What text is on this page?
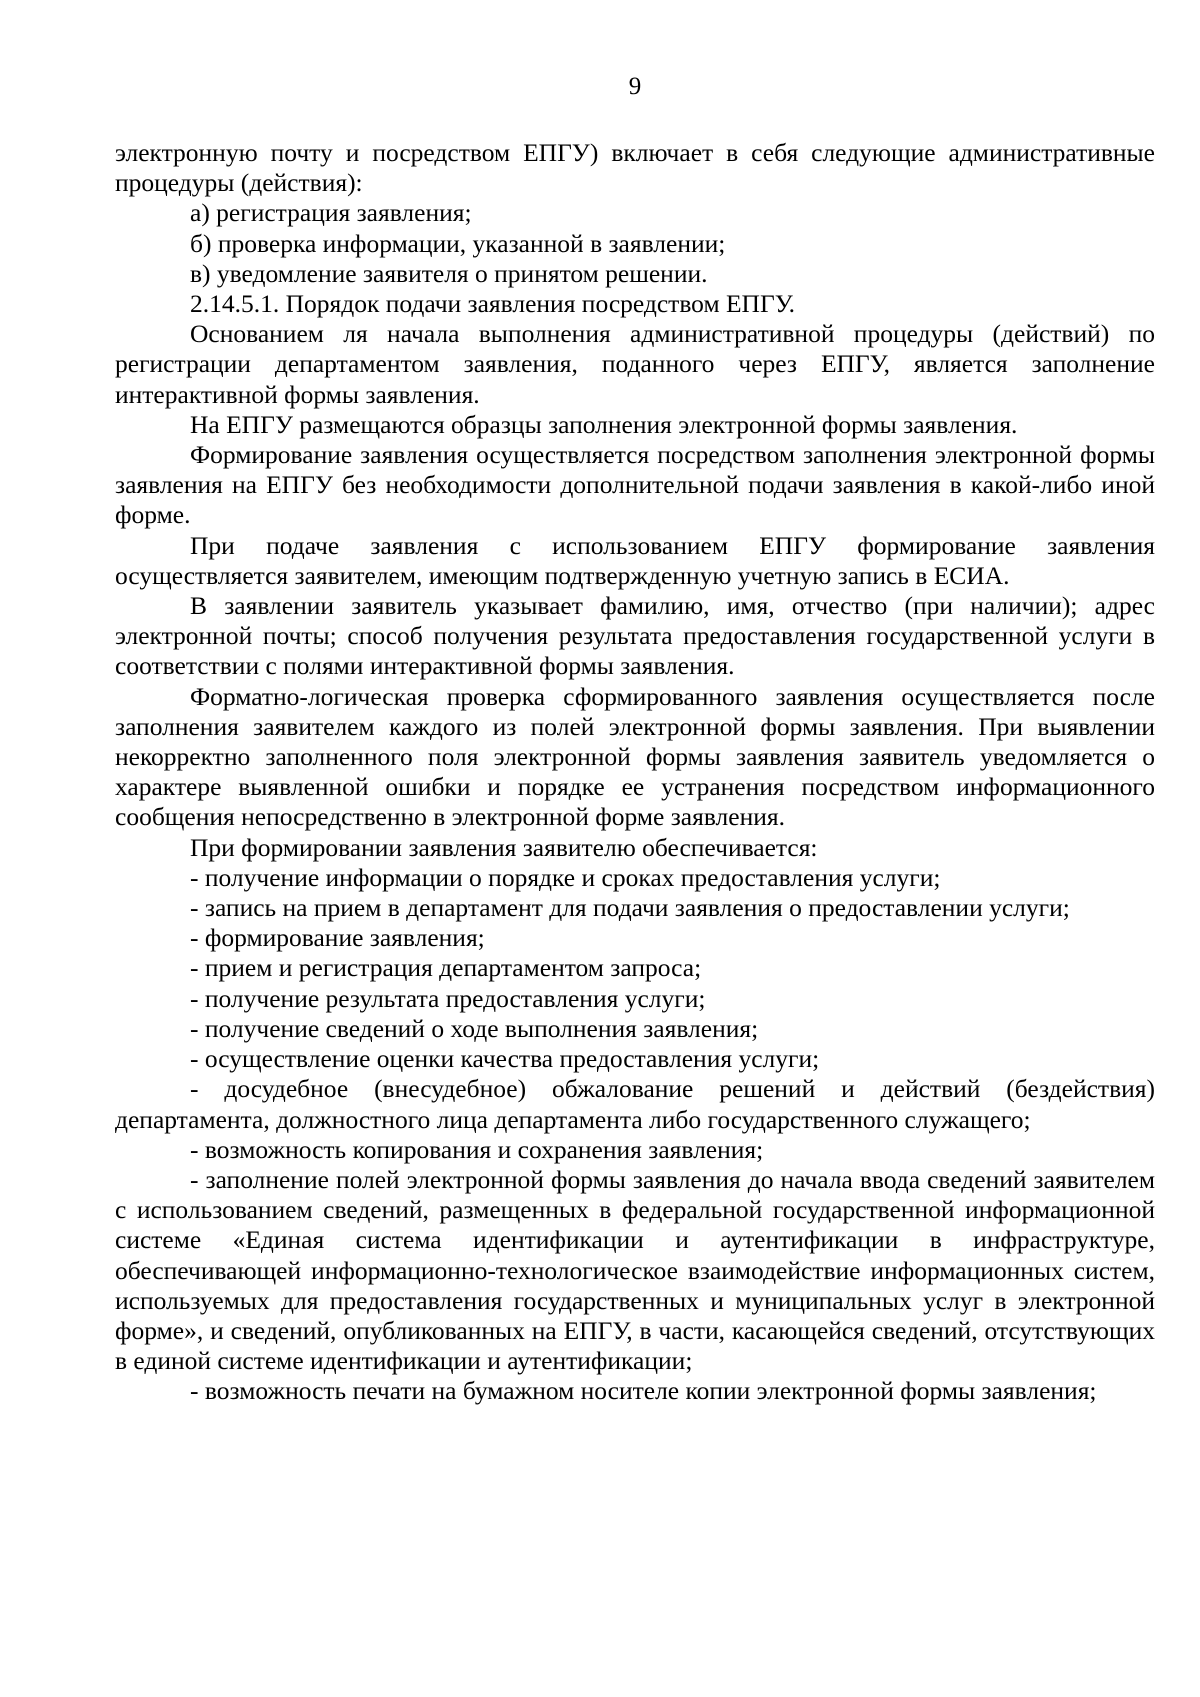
9

электронную почту и посредством ЕПГУ) включает в себя следующие административные процедуры (действия):

а) регистрация заявления;

б) проверка информации, указанной в заявлении;

в) уведомление заявителя о принятом решении.

2.14.5.1. Порядок подачи заявления посредством ЕПГУ.

Основанием ля начала выполнения административной процедуры (действий) по регистрации департаментом заявления, поданного через ЕПГУ, является заполнение интерактивной формы заявления.

На ЕПГУ размещаются образцы заполнения электронной формы заявления.

Формирование заявления осуществляется посредством заполнения электронной формы заявления на ЕПГУ без необходимости дополнительной подачи заявления в какой-либо иной форме.

При подаче заявления с использованием ЕПГУ формирование заявления осуществляется заявителем, имеющим подтвержденную учетную запись в ЕСИА.

В заявлении заявитель указывает фамилию, имя, отчество (при наличии); адрес электронной почты; способ получения результата предоставления государственной услуги в соответствии с полями интерактивной формы заявления.

Форматно-логическая проверка сформированного заявления осуществляется после заполнения заявителем каждого из полей электронной формы заявления. При выявлении некорректно заполненного поля электронной формы заявления заявитель уведомляется о характере выявленной ошибки и порядке ее устранения посредством информационного сообщения непосредственно в электронной форме заявления.

При формировании заявления заявителю обеспечивается:

- получение информации о порядке и сроках предоставления услуги;

- запись на прием в департамент для подачи заявления о предоставлении услуги;

- формирование заявления;

- прием и регистрация департаментом запроса;

- получение результата предоставления услуги;

- получение сведений о ходе выполнения заявления;

- осуществление оценки качества предоставления услуги;

- досудебное (внесудебное) обжалование решений и действий (бездействия) департамента, должностного лица департамента либо государственного служащего;

- возможность копирования и сохранения заявления;

- заполнение полей электронной формы заявления до начала ввода сведений заявителем с использованием сведений, размещенных в федеральной государственной информационной системе «Единая система идентификации и аутентификации в инфраструктуре, обеспечивающей информационно-технологическое взаимодействие информационных систем, используемых для предоставления государственных и муниципальных услуг в электронной форме», и сведений, опубликованных на ЕПГУ, в части, касающейся сведений, отсутствующих в единой системе идентификации и аутентификации;

- возможность печати на бумажном носителе копии электронной формы заявления;
